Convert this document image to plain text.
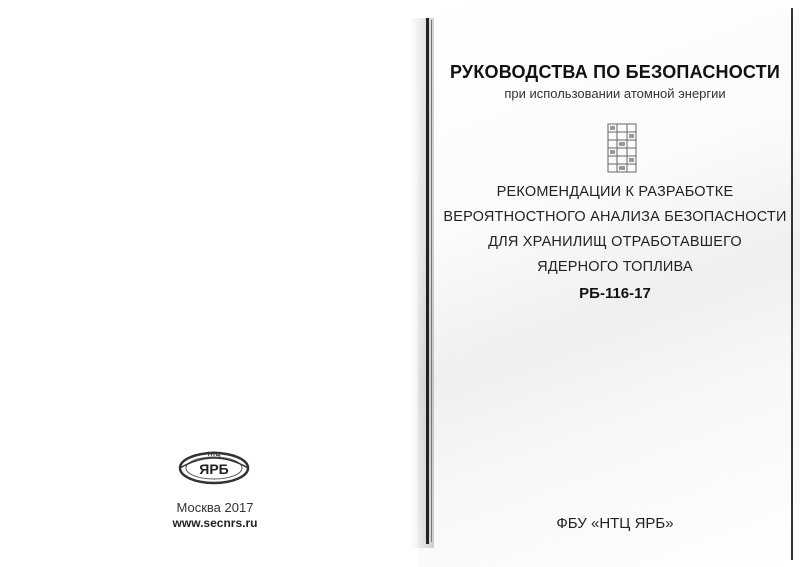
НТЦ
ЯРБ
Москва 2017
www.secnrs.ru
РУКОВОДСТВА ПО БЕЗОПАСНОСТИ
при использовании атомной энергии
РЕКОМЕНДАЦИИ К РАЗРАБОТКЕ
ВЕРОЯТНОСТНОГО АНАЛИЗА БЕЗОПАСНОСТИ
ДЛЯ ХРАНИЛИЩ ОТРАБОТАВШЕГО
ЯДЕРНОГО ТОПЛИВА
РБ-116-17
ФБУ «НТЦ ЯРБ»
